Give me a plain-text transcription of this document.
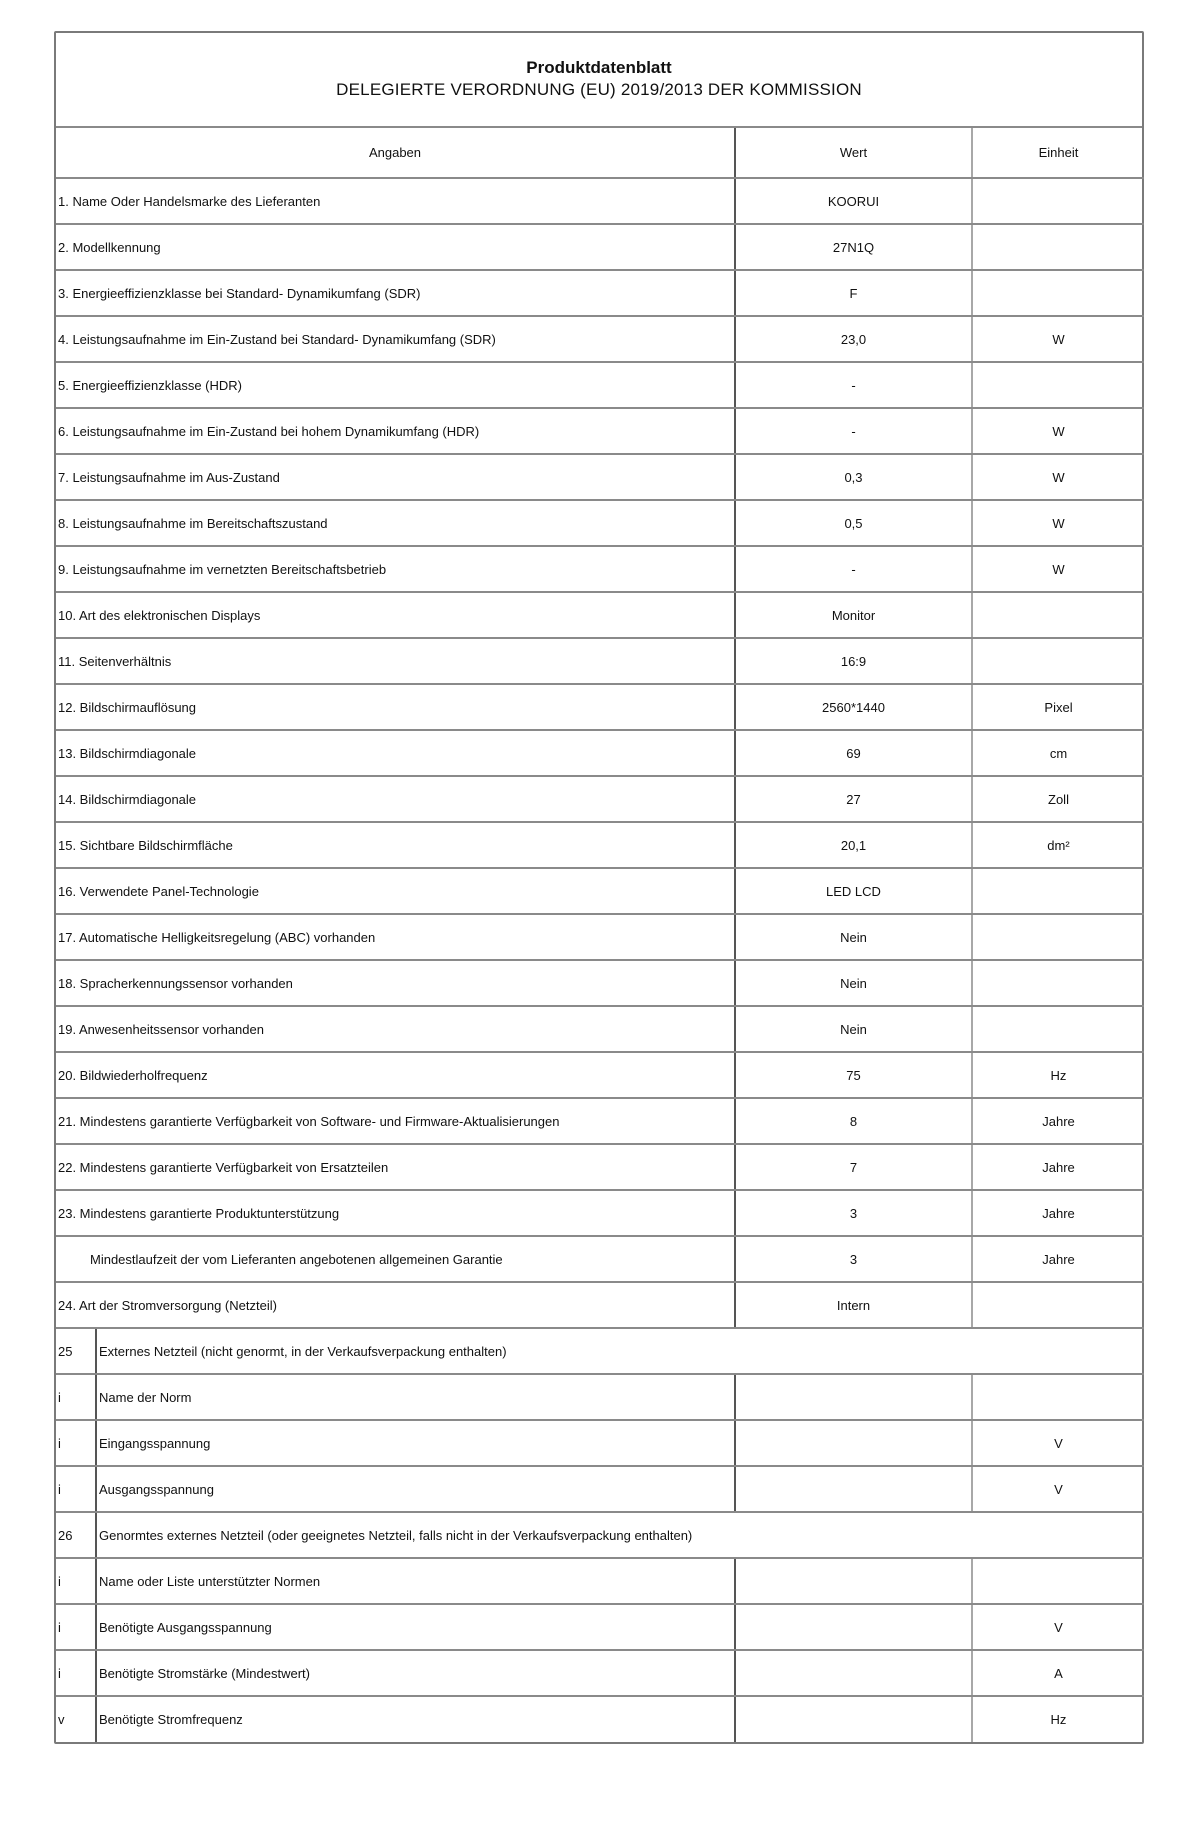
Produktdatenblatt
DELEGIERTE VERORDNUNG (EU) 2019/2013 DER KOMMISSION
Angaben	Wert	Einheit
1. Name Oder Handelsmarke des Lieferanten	KOORUI	
2. Modellkennung	27N1Q	
3. Energieeffizienzklasse bei Standard- Dynamikumfang (SDR)	F	
4. Leistungsaufnahme im Ein-Zustand bei Standard- Dynamikumfang (SDR)	23,0	W
5. Energieeffizienzklasse (HDR)	-	
6. Leistungsaufnahme im Ein-Zustand bei hohem Dynamikumfang (HDR)	-	W
7. Leistungsaufnahme im Aus-Zustand	0,3	W
8. Leistungsaufnahme im Bereitschaftszustand	0,5	W
9. Leistungsaufnahme im vernetzten Bereitschaftsbetrieb	-	W
10. Art des elektronischen Displays	Monitor	
11. Seitenverhältnis	16:9	
12. Bildschirmauflösung	2560*1440	Pixel
13. Bildschirmdiagonale	69	cm
14. Bildschirmdiagonale	27	Zoll
15. Sichtbare Bildschirmfläche	20,1	dm²
16. Verwendete Panel-Technologie	LED LCD	
17. Automatische Helligkeitsregelung (ABC) vorhanden	Nein	
18. Spracherkennungssensor vorhanden	Nein	
19. Anwesenheitssensor vorhanden	Nein	
20. Bildwiederholfrequenz	75	Hz
21. Mindestens garantierte Verfügbarkeit von Software- und Firmware-Aktualisierungen	8	Jahre
22. Mindestens garantierte Verfügbarkeit von Ersatzteilen	7	Jahre
23. Mindestens garantierte Produktunterstützung	3	Jahre
Mindestlaufzeit der vom Lieferanten angebotenen allgemeinen Garantie	3	Jahre
24. Art der Stromversorgung (Netzteil)	Intern	

25 Externes Netzteil (nicht genormt, in der Verkaufsverpackung enthalten)		

i Name der Norm		

i Eingangsspannung		V

i Ausgangsspannung		V

26 Genormtes externes Netzteil (oder geeignetes Netzteil, falls nicht in der Verkaufsverpackung enthalten)		

i Name oder Liste unterstützter Normen		

i Benötigte Ausgangsspannung		V

i Benötigte Stromstärke (Mindestwert)		A

v Benötigte Stromfrequenz		Hz
